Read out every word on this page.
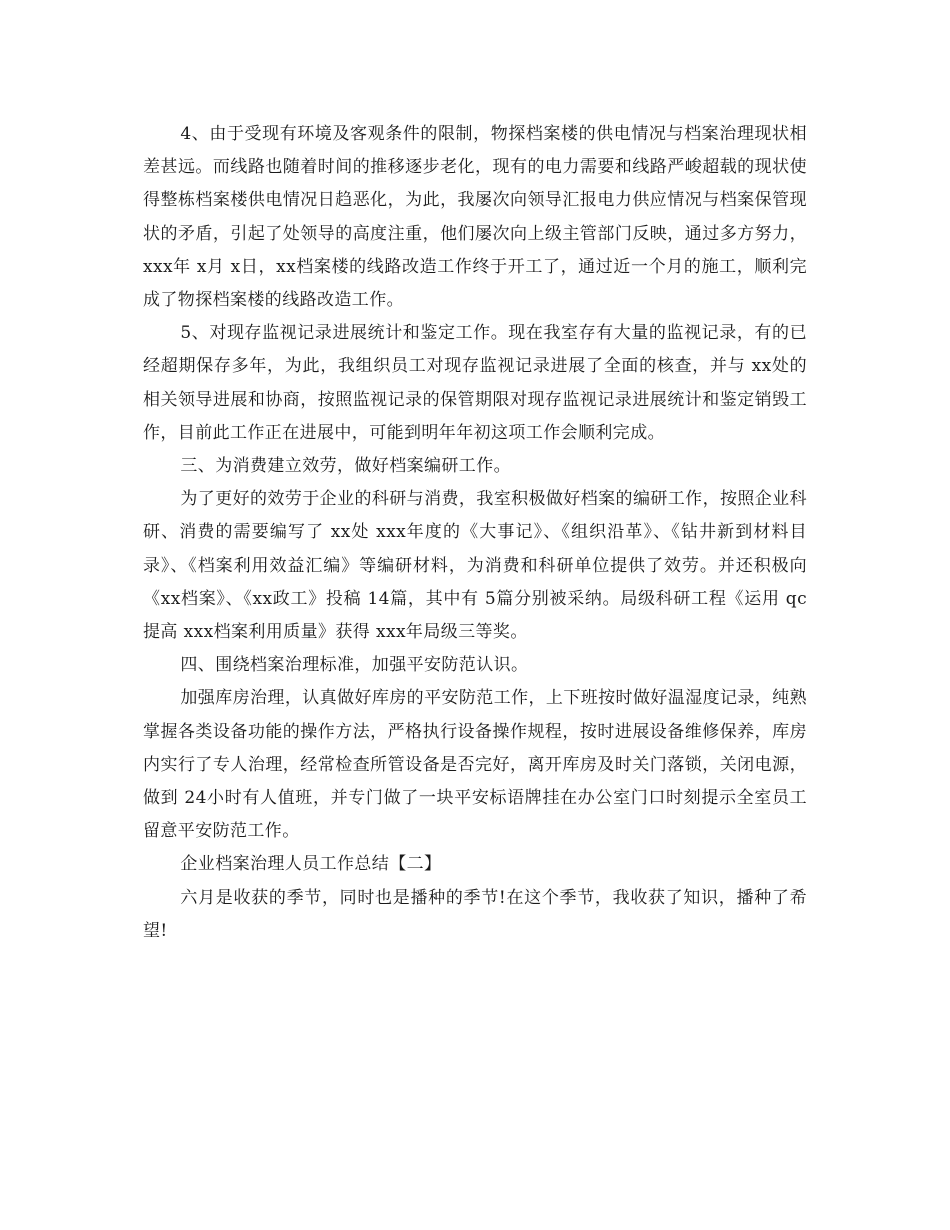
4、由于受现有环境及客观条件的限制，物探档案楼的供电情况与档案治理现状相差甚远。而线路也随着时间的推移逐步老化，现有的电力需要和线路严峻超载的现状使得整栋档案楼供电情况日趋恶化，为此，我屡次向领导汇报电力供应情况与档案保管现状的矛盾，引起了处领导的高度注重，他们屡次向上级主管部门反映，通过多方努力，xxx年 x月 x日，xx档案楼的线路改造工作终于开工了，通过近一个月的施工，顺利完成了物探档案楼的线路改造工作。

5、对现存监视记录进展统计和鉴定工作。现在我室存有大量的监视记录，有的已经超期保存多年，为此，我组织员工对现存监视记录进展了全面的核查，并与 xx处的相关领导进展和协商，按照监视记录的保管期限对现存监视记录进展统计和鉴定销毁工作，目前此工作正在进展中，可能到明年年初这项工作会顺利完成。

三、为消费建立效劳，做好档案编研工作。

为了更好的效劳于企业的科研与消费，我室积极做好档案的编研工作，按照企业科研、消费的需要编写了 xx处 xxx年度的《大事记》、《组织沿革》、《钻井新到材料目录》、《档案利用效益汇编》等编研材料，为消费和科研单位提供了效劳。并还积极向《xx档案》、《xx政工》投稿 14篇，其中有 5篇分别被采纳。局级科研工程《运用 qc提高 xxx档案利用质量》获得 xxx年局级三等奖。

四、围绕档案治理标准，加强平安防范认识。

加强库房治理，认真做好库房的平安防范工作，上下班按时做好温湿度记录，纯熟掌握各类设备功能的操作方法，严格执行设备操作规程，按时进展设备维修保养，库房内实行了专人治理，经常检查所管设备是否完好，离开库房及时关门落锁，关闭电源，做到 24小时有人值班，并专门做了一块平安标语牌挂在办公室门口时刻提示全室员工留意平安防范工作。

企业档案治理人员工作总结【二】

六月是收获的季节，同时也是播种的季节!在这个季节，我收获了知识，播种了希望!
